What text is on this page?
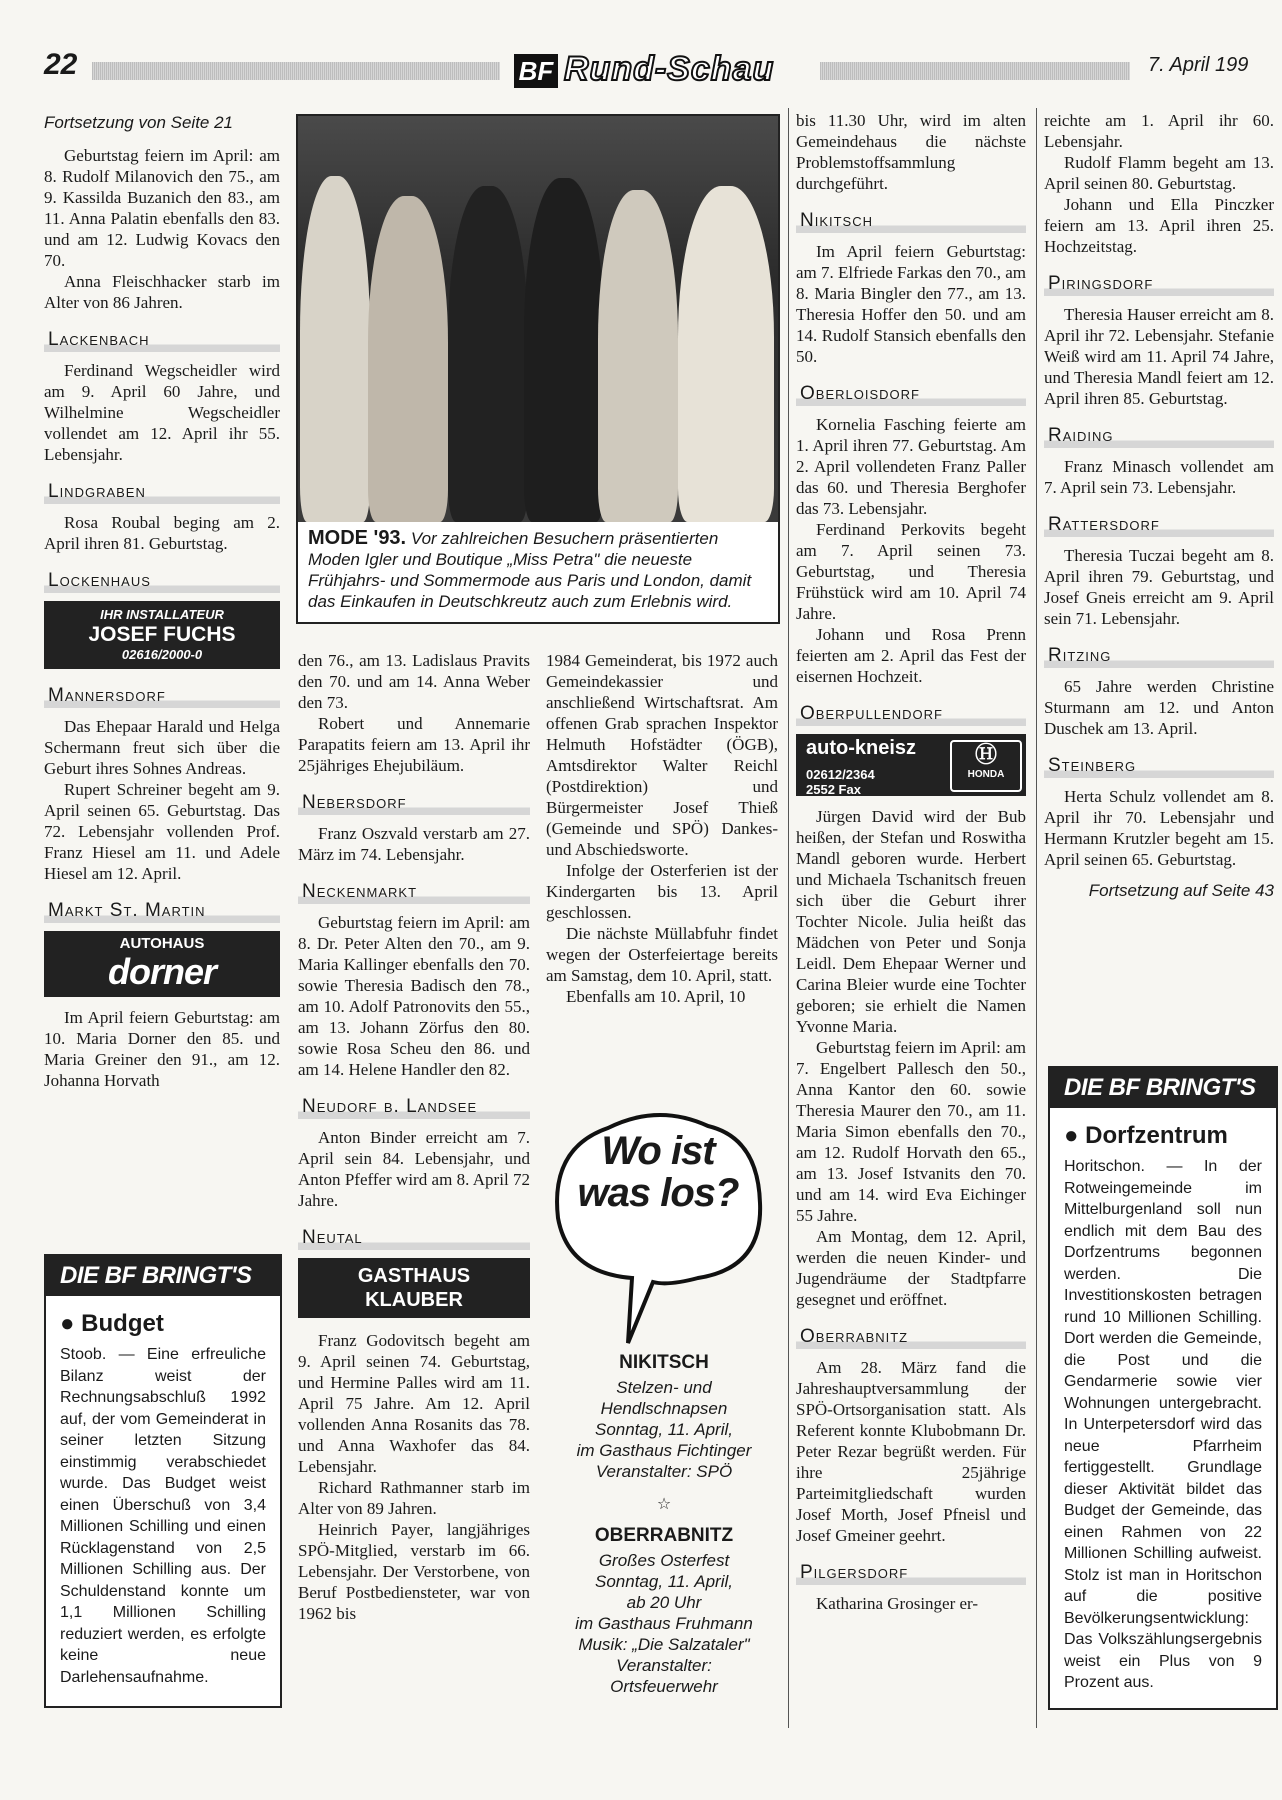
22	BF Rund-Schau	7. April 199

Fortsetzung von Seite 21

Geburtstag feiern im April: am 8. Rudolf Milanovich den 75., am 9. Kassilda Buzanich den 83., am 11. Anna Palatin ebenfalls den 83. und am 12. Ludwig Kovacs den 70.

Anna Fleischhacker starb im Alter von 86 Jahren.

Lackenbach

Ferdinand Wegscheidler wird am 9. April 60 Jahre, und Wilhelmine Wegscheidler vollendet am 12. April ihr 55. Lebensjahr.

Lindgraben

Rosa Roubal beging am 2. April ihren 81. Geburtstag.

Lockenhaus
IHR INSTALLATEUR
JOSEF FUCHS
02616/2000-0
Mannersdorf

Das Ehepaar Harald und Helga Schermann freut sich über die Geburt ihres Sohnes Andreas.

Rupert Schreiner begeht am 9. April seinen 65. Geburtstag. Das 72. Lebensjahr vollenden Prof. Franz Hiesel am 11. und Adele Hiesel am 12. April.

Markt St. Martin
AUTOHAUS
dorner

Im April feiern Geburtstag: am 10. Maria Dorner den 85. und Maria Greiner den 91., am 12. Johanna Horvath

DIE BF BRINGT'S
● Budget
Stoob. — Eine erfreuliche Bilanz weist der Rechnungsabschluß 1992 auf, der vom Gemeinderat in seiner letzten Sitzung einstimmig verabschiedet wurde. Das Budget weist einen Überschuß von 3,4 Millionen Schilling und einen Rücklagenstand von 2,5 Millionen Schilling aus. Der Schuldenstand konnte um 1,1 Millionen Schilling reduziert werden, es erfolgte keine neue Darlehensaufnahme.
MODE '93. Vor zahlreichen Besuchern präsentierten Moden Igler und Boutique „Miss Petra" die neueste Frühjahrs- und Sommermode aus Paris und London, damit das Einkaufen in Deutschkreutz auch zum Erlebnis wird.

den 76., am 13. Ladislaus Pravits den 70. und am 14. Anna Weber den 73.

Robert und Annemarie Parapatits feiern am 13. April ihr 25jähriges Ehejubiläum.

Nebersdorf

Franz Oszvald verstarb am 27. März im 74. Lebensjahr.

Neckenmarkt

Geburtstag feiern im April: am 8. Dr. Peter Alten den 70., am 9. Maria Kallinger ebenfalls den 70. sowie Theresia Badisch den 78., am 10. Adolf Patronovits den 55., am 13. Johann Zörfus den 80. sowie Rosa Scheu den 86. und am 14. Helene Handler den 82.

Neudorf b. Landsee

Anton Binder erreicht am 7. April sein 84. Lebensjahr, und Anton Pfeffer wird am 8. April 72 Jahre.

Neutal
GASTHAUS
KLAUBER

Franz Godovitsch begeht am 9. April seinen 74. Geburtstag, und Hermine Palles wird am 11. April 75 Jahre. Am 12. April vollenden Anna Rosanits das 78. und Anna Waxhofer das 84. Lebensjahr.

Richard Rathmanner starb im Alter von 89 Jahren.

Heinrich Payer, langjähriges SPÖ-Mitglied, verstarb im 66. Lebensjahr. Der Verstorbene, von Beruf Postbediensteter, war von 1962 bis

1984 Gemeinderat, bis 1972 auch Gemeindekassier und anschließend Wirtschaftsrat. Am offenen Grab sprachen Inspektor Helmuth Hofstädter (ÖGB), Amtsdirektor Walter Reichl (Postdirektion) und Bürgermeister Josef Thieß (Gemeinde und SPÖ) Dankes- und Abschiedsworte.

Infolge der Osterferien ist der Kindergarten bis 13. April geschlossen.

Die nächste Müllabfuhr findet wegen der Osterfeiertage bereits am Samstag, dem 10. April, statt.

Ebenfalls am 10. April, 10

Wo ist was los?
NIKITSCH
Stelzen- und
Hendlschnapsen
Sonntag, 11. April,
im Gasthaus Fichtinger
Veranstalter: SPÖ
☆
OBERRABNITZ
Großes Osterfest
Sonntag, 11. April,
ab 20 Uhr
im Gasthaus Fruhmann
Musik: „Die Salzataler"
Veranstalter:
Ortsfeuerwehr

bis 11.30 Uhr, wird im alten Gemeindehaus die nächste Problemstoffsammlung durchgeführt.

Nikitsch

Im April feiern Geburtstag: am 7. Elfriede Farkas den 70., am 8. Maria Bingler den 77., am 13. Theresia Hoffer den 50. und am 14. Rudolf Stansich ebenfalls den 50.

Oberloisdorf

Kornelia Fasching feierte am 1. April ihren 77. Geburtstag. Am 2. April vollendeten Franz Paller das 60. und Theresia Berghofer das 73. Lebensjahr.

Ferdinand Perkovits begeht am 7. April seinen 73. Geburtstag, und Theresia Frühstück wird am 10. April 74 Jahre.

Johann und Rosa Prenn feierten am 2. April das Fest der eisernen Hochzeit.

Oberpullendorf
auto-kneisz
02612/2364
2552 Fax
Ⓗ
HONDA

Jürgen David wird der Bub heißen, der Stefan und Roswitha Mandl geboren wurde. Herbert und Michaela Tschanitsch freuen sich über die Geburt ihrer Tochter Nicole. Julia heißt das Mädchen von Peter und Sonja Leidl. Dem Ehepaar Werner und Carina Bleier wurde eine Tochter geboren; sie erhielt die Namen Yvonne Maria.

Geburtstag feiern im April: am 7. Engelbert Pallesch den 50., Anna Kantor den 60. sowie Theresia Maurer den 70., am 11. Maria Simon ebenfalls den 70., am 12. Rudolf Horvath den 65., am 13. Josef Istvanits den 70. und am 14. wird Eva Eichinger 55 Jahre.

Am Montag, dem 12. April, werden die neuen Kinder- und Jugendräume der Stadtpfarre gesegnet und eröffnet.

Oberrabnitz

Am 28. März fand die Jahreshauptversammlung der SPÖ-Ortsorganisation statt. Als Referent konnte Klubobmann Dr. Peter Rezar begrüßt werden. Für ihre 25jährige Parteimitgliedschaft wurden Josef Morth, Josef Pfneisl und Josef Gmeiner geehrt.

Pilgersdorf

Katharina Grosinger er-

reichte am 1. April ihr 60. Lebensjahr.

Rudolf Flamm begeht am 13. April seinen 80. Geburtstag.

Johann und Ella Pinczker feiern am 13. April ihren 25. Hochzeitstag.

Piringsdorf

Theresia Hauser erreicht am 8. April ihr 72. Lebensjahr. Stefanie Weiß wird am 11. April 74 Jahre, und Theresia Mandl feiert am 12. April ihren 85. Geburtstag.

Raiding

Franz Minasch vollendet am 7. April sein 73. Lebensjahr.

Rattersdorf

Theresia Tuczai begeht am 8. April ihren 79. Geburtstag, und Josef Gneis erreicht am 9. April sein 71. Lebensjahr.

Ritzing

65 Jahre werden Christine Sturmann am 12. und Anton Duschek am 13. April.

Steinberg

Herta Schulz vollendet am 8. April ihr 70. Lebensjahr und Hermann Krutzler begeht am 15. April seinen 65. Geburtstag.

Fortsetzung auf Seite 43

DIE BF BRINGT'S
● Dorfzentrum
Horitschon. — In der Rotweingemeinde im Mittelburgenland soll nun endlich mit dem Bau des Dorfzentrums begonnen werden. Die Investitionskosten betragen rund 10 Millionen Schilling. Dort werden die Gemeinde, die Post und die Gendarmerie sowie vier Wohnungen untergebracht. In Unterpetersdorf wird das neue Pfarrheim fertiggestellt. Grundlage dieser Aktivität bildet das Budget der Gemeinde, das einen Rahmen von 22 Millionen Schilling aufweist. Stolz ist man in Horitschon auf die positive Bevölkerungsentwicklung: Das Volkszählungsergebnis weist ein Plus von 9 Prozent aus.
